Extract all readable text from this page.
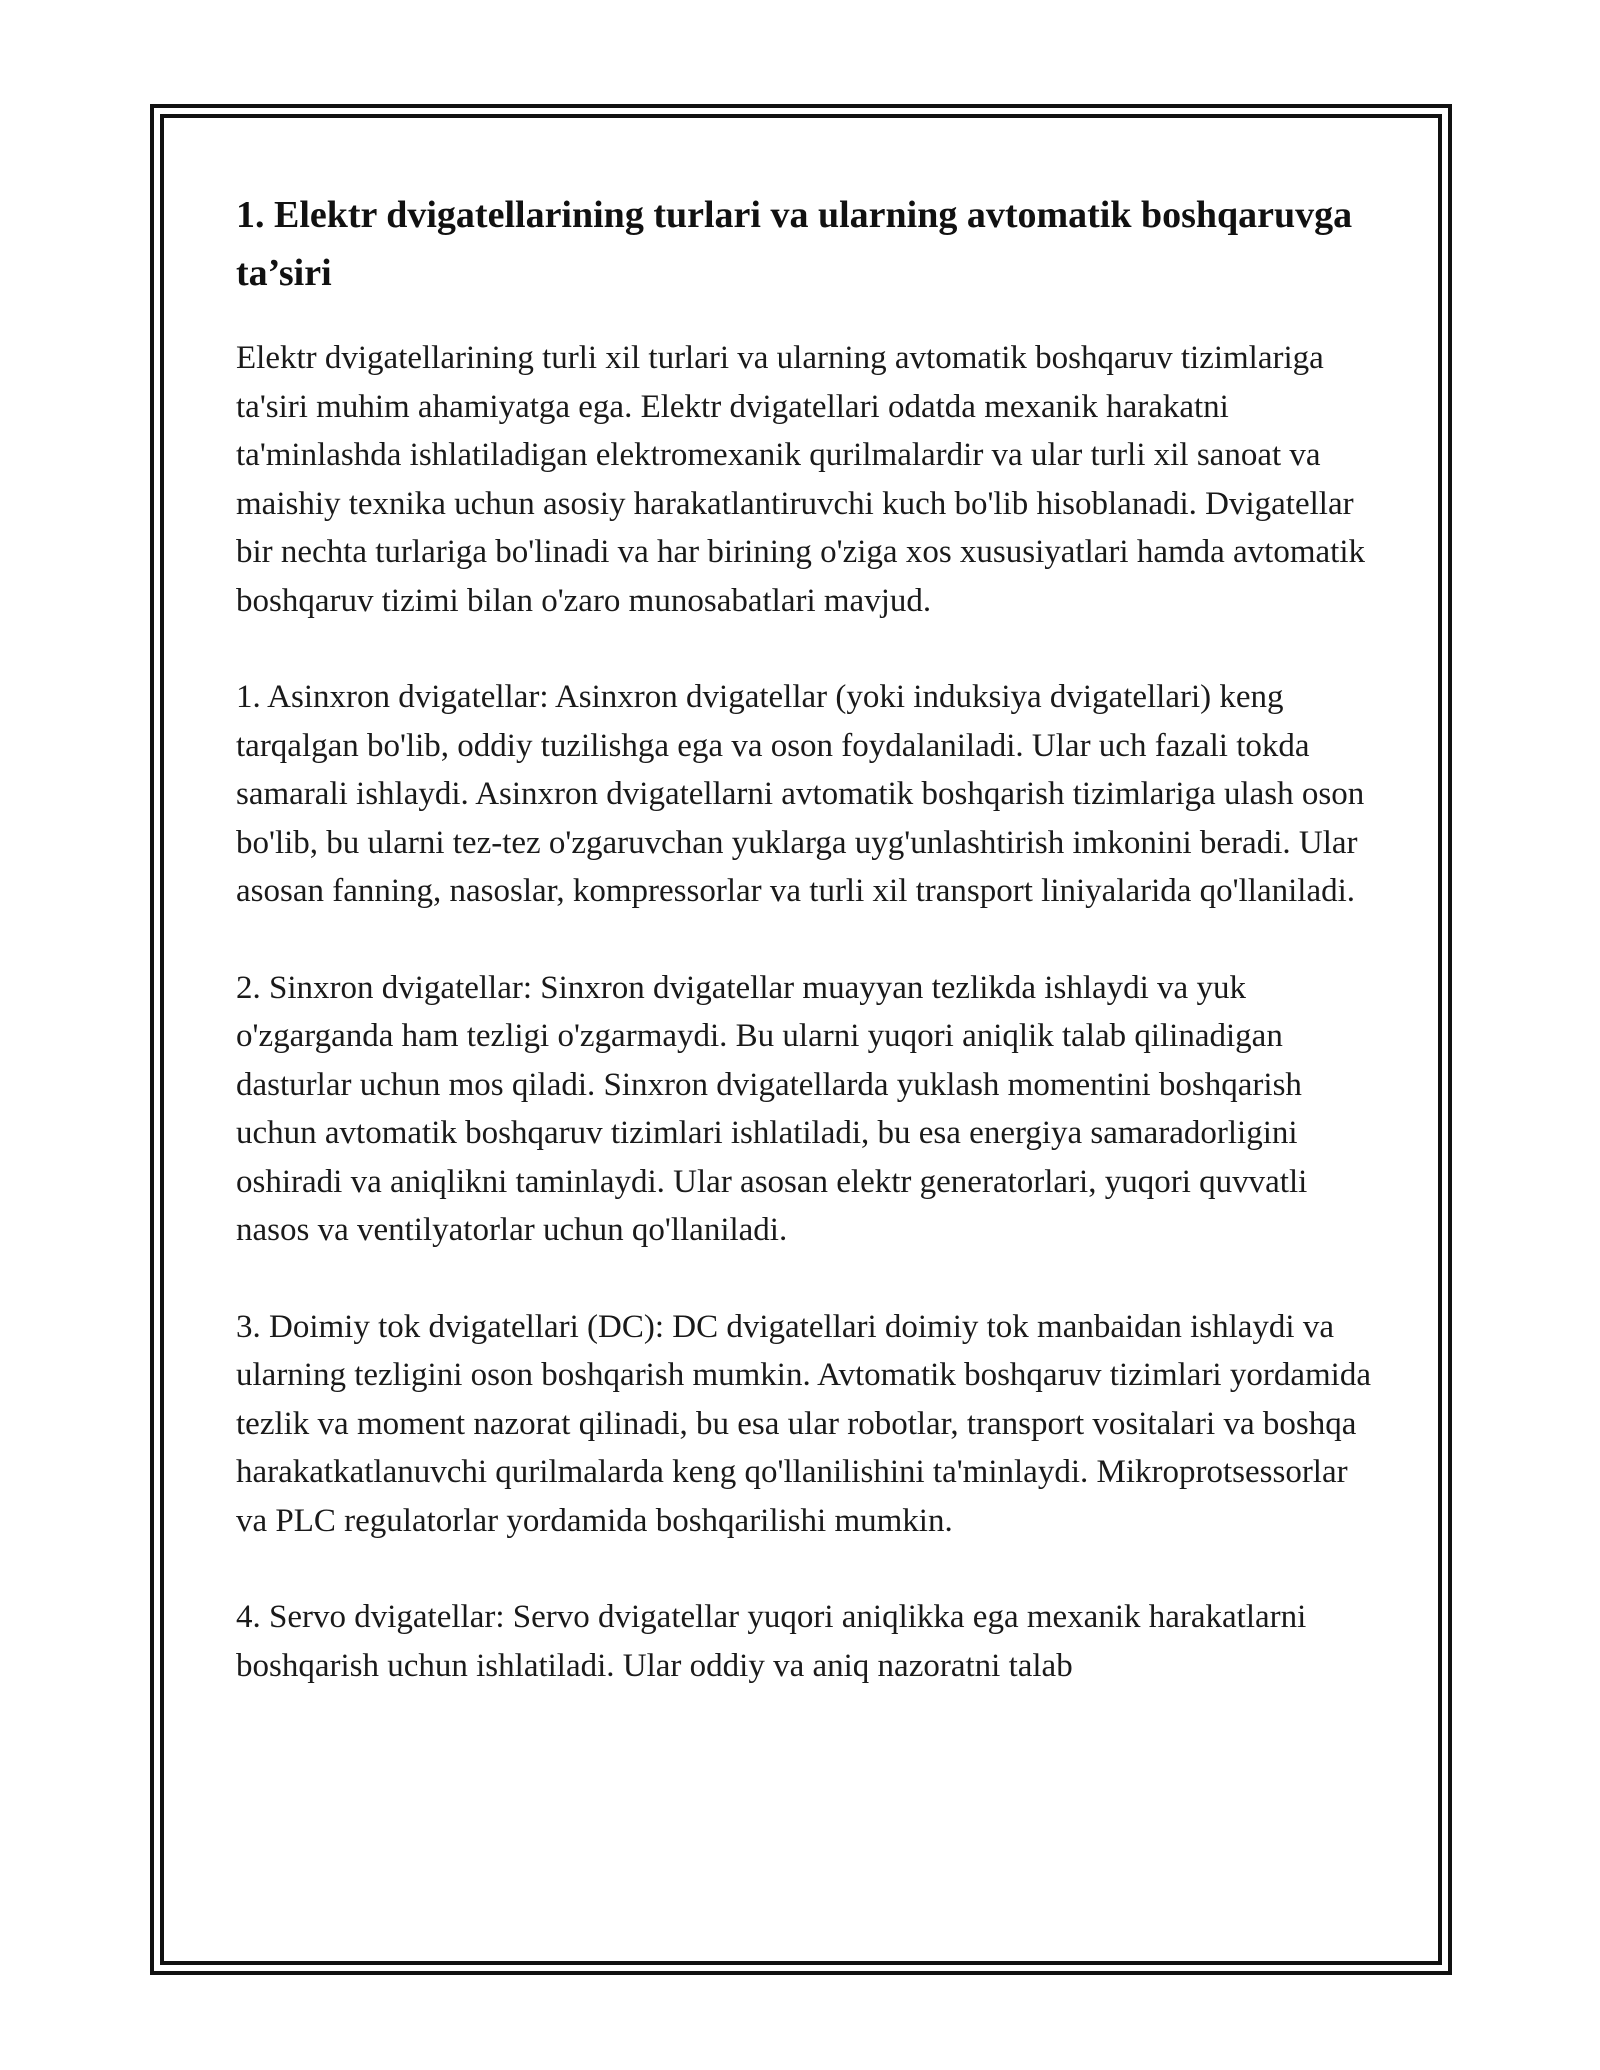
1. Elektr dvigatellarining turlari va ularning avtomatik boshqaruvga ta’siri

Elektr dvigatellarining turli xil turlari va ularning avtomatik boshqaruv tizimlariga ta'siri muhim ahamiyatga ega. Elektr dvigatellari odatda mexanik harakatni ta'minlashda ishlatiladigan elektromexanik qurilmalardir va ular turli xil sanoat va maishiy texnika uchun asosiy harakatlantiruvchi kuch bo'lib hisoblanadi. Dvigatellar bir nechta turlariga bo'linadi va har birining o'ziga xos xususiyatlari hamda avtomatik boshqaruv tizimi bilan o'zaro munosabatlari mavjud.

1. Asinxron dvigatellar: Asinxron dvigatellar (yoki induksiya dvigatellari) keng tarqalgan bo'lib, oddiy tuzilishga ega va oson foydalaniladi. Ular uch fazali tokda samarali ishlaydi. Asinxron dvigatellarni avtomatik boshqarish tizimlariga ulash oson bo'lib, bu ularni tez-tez o'zgaruvchan yuklarga uyg'unlashtirish imkonini beradi. Ular asosan fanning, nasoslar, kompressorlar va turli xil transport liniyalarida qo'llaniladi.

2. Sinxron dvigatellar: Sinxron dvigatellar muayyan tezlikda ishlaydi va yuk o'zgarganda ham tezligi o'zgarmaydi. Bu ularni yuqori aniqlik talab qilinadigan dasturlar uchun mos qiladi. Sinxron dvigatellarda yuklash momentini boshqarish uchun avtomatik boshqaruv tizimlari ishlatiladi, bu esa energiya samaradorligini oshiradi va aniqlikni taminlaydi. Ular asosan elektr generatorlari, yuqori quvvatli nasos va ventilyatorlar uchun qo'llaniladi.

3. Doimiy tok dvigatellari (DC): DC dvigatellari doimiy tok manbaidan ishlaydi va ularning tezligini oson boshqarish mumkin. Avtomatik boshqaruv tizimlari yordamida tezlik va moment nazorat qilinadi, bu esa ular robotlar, transport vositalari va boshqa harakatkatlanuvchi qurilmalarda keng qo'llanilishini ta'minlaydi. Mikroprotsessorlar va PLC regulatorlar yordamida boshqarilishi mumkin.

4. Servo dvigatellar: Servo dvigatellar yuqori aniqlikka ega mexanik harakatlarni boshqarish uchun ishlatiladi. Ular oddiy va aniq nazoratni talab
